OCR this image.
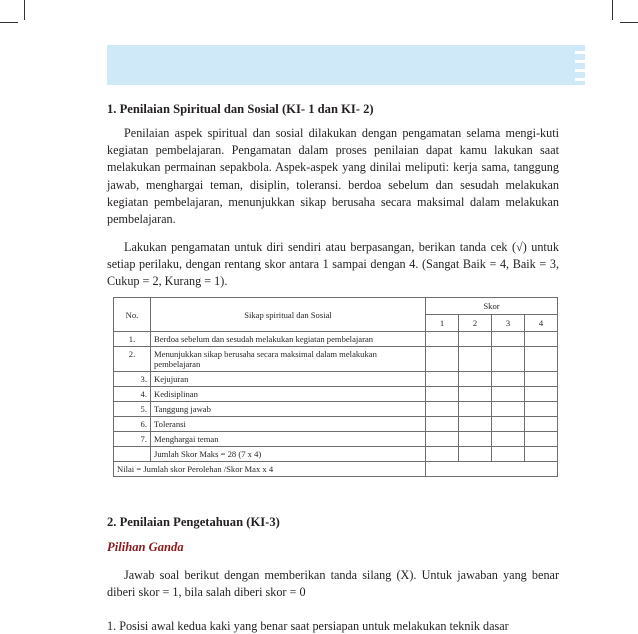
1. Penilaian Spiritual dan Sosial (KI- 1 dan KI- 2)

Penilaian aspek spiritual dan sosial dilakukan dengan pengamatan selama mengi-kuti kegiatan pembelajaran. Pengamatan dalam proses penilaian dapat kamu lakukan saat melakukan permainan sepakbola. Aspek-aspek yang dinilai meliputi: kerja sama, tanggung jawab, menghargai teman, disiplin, toleransi. berdoa sebelum dan sesudah melakukan kegiatan pembelajaran, menunjukkan sikap berusaha secara maksimal dalam melakukan pembelajaran.

Lakukan pengamatan untuk diri sendiri atau berpasangan, berikan tanda cek (√) untuk setiap perilaku, dengan rentang skor antara 1 sampai dengan 4. (Sangat Baik = 4, Baik = 3, Cukup = 2, Kurang = 1).

No.	Sikap spiritual dan Sosial	Skor			
		1	2	3	4
1.	Berdoa sebelum dan sesudah melakukan kegiatan pembelajaran				
2.	Menunjukkan sikap berusaha secara maksimal dalam melakukan pembelajaran				
3.	Kejujuran				
4.	Kedisiplinan				
5.	Tanggung jawab				
6.	Toleransi				
7.	Menghargai teman				
	Jumlah Skor Maks = 28 (7 x 4)				
Nilai = Jumlah skor Perolehan /Skor Max x 4					
2. Penilaian Pengetahuan (KI-3)
Pilihan Ganda

Jawab soal berikut dengan memberikan tanda silang (X). Untuk jawaban yang benar diberi skor = 1, bila salah diberi skor = 0

1. Posisi awal kedua kaki yang benar saat persiapan untuk melakukan teknik dasar
